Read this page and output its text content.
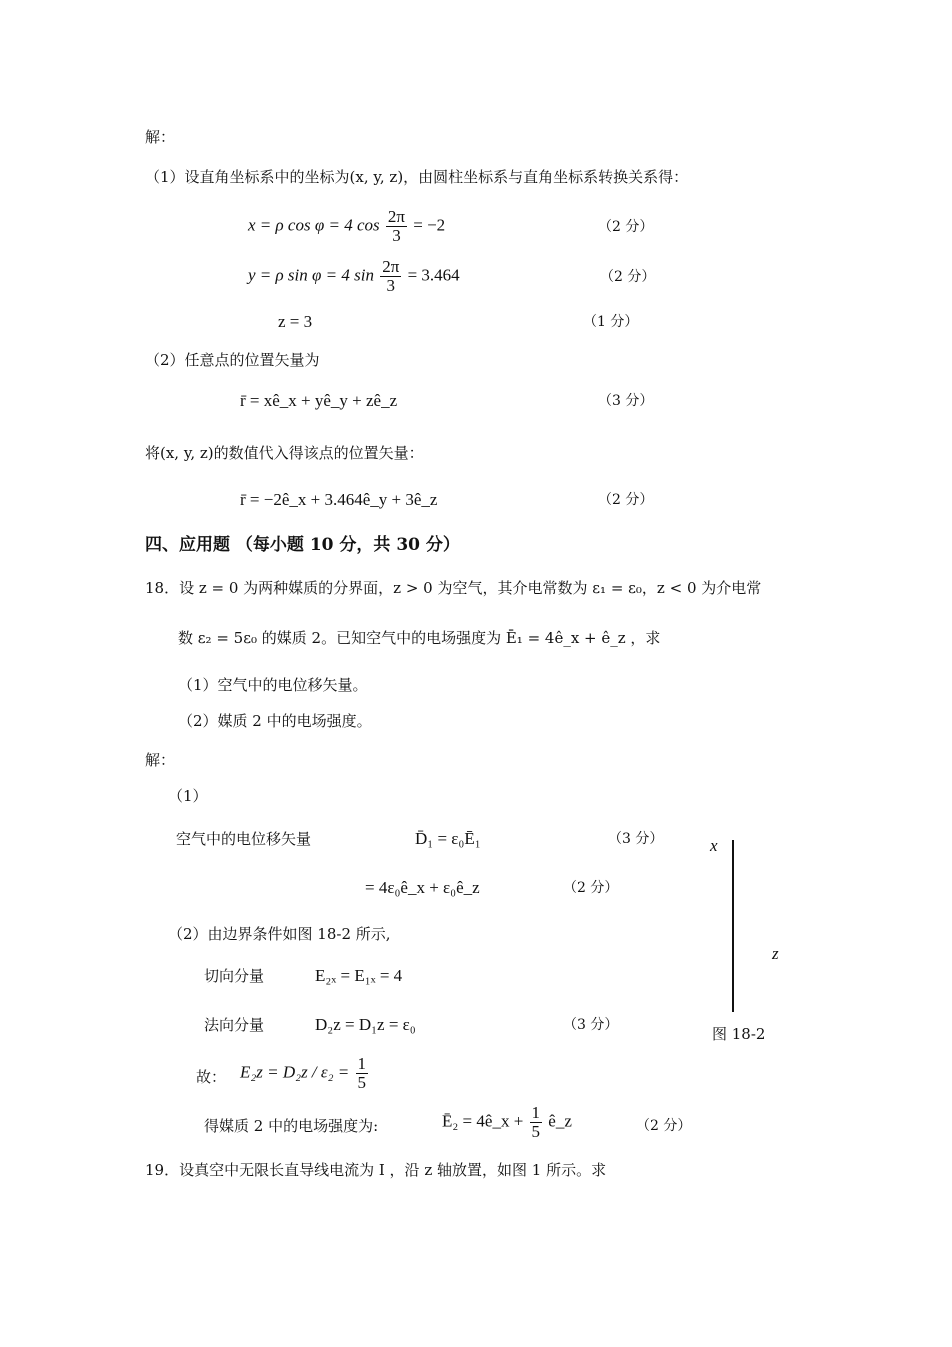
解：
（1）设直角坐标系中的坐标为(x, y, z)，由圆柱坐标系与直角坐标系转换关系得：
x = ρ cos φ = 4 $\cos \frac{2\pi}{3} = -2$	（2 分）
y = ρ sin φ = 4 $\sin \frac{2\pi}{3} = 3.464$	（2 分）
z = 3	（1 分）
（2）任意点的位置矢量为
r̄ = xê_x + yê_y + zê_z	（3 分）
将(x, y, z)的数值代入得该点的位置矢量：
r̄ = −2ê_x + 3.464ê_y + 3ê_z	（2 分）
四、应用题 （每小题 10 分，共 30 分）
18．设 z = 0 为两种媒质的分界面，z > 0 为空气，其介电常数为 ε₁ = ε₀，z < 0 为介电常
数 ε₂ = 5ε₀ 的媒质 2。已知空气中的电场强度为 Ē₁ = 4ê_x + ê_z ，求
（1）空气中的电位移矢量。
（2）媒质 2 中的电场强度。
解：
（1）
空气中的电位移矢量	D̄₁ = ε₀Ē₁	（3 分）
= 4ε₀ê_x + ε₀ê_z	（2 分）
（2）由边界条件如图 18-2 所示,
切向分量	E₂ₓ = E₁ₓ = 4
法向分量	D₂z = D₁z = ε₀	（3 分）
故： $E_2z = D_2z / \varepsilon_2 = \frac{1}{5}$
得媒质 2 中的电场强度为:	Ē₂ = 4ê_x + $\frac{1}{5}$ ê_z	（2 分）
x
z
图 18-2
19．设真空中无限长直导线电流为 I ，沿 z 轴放置，如图 1 所示。求
